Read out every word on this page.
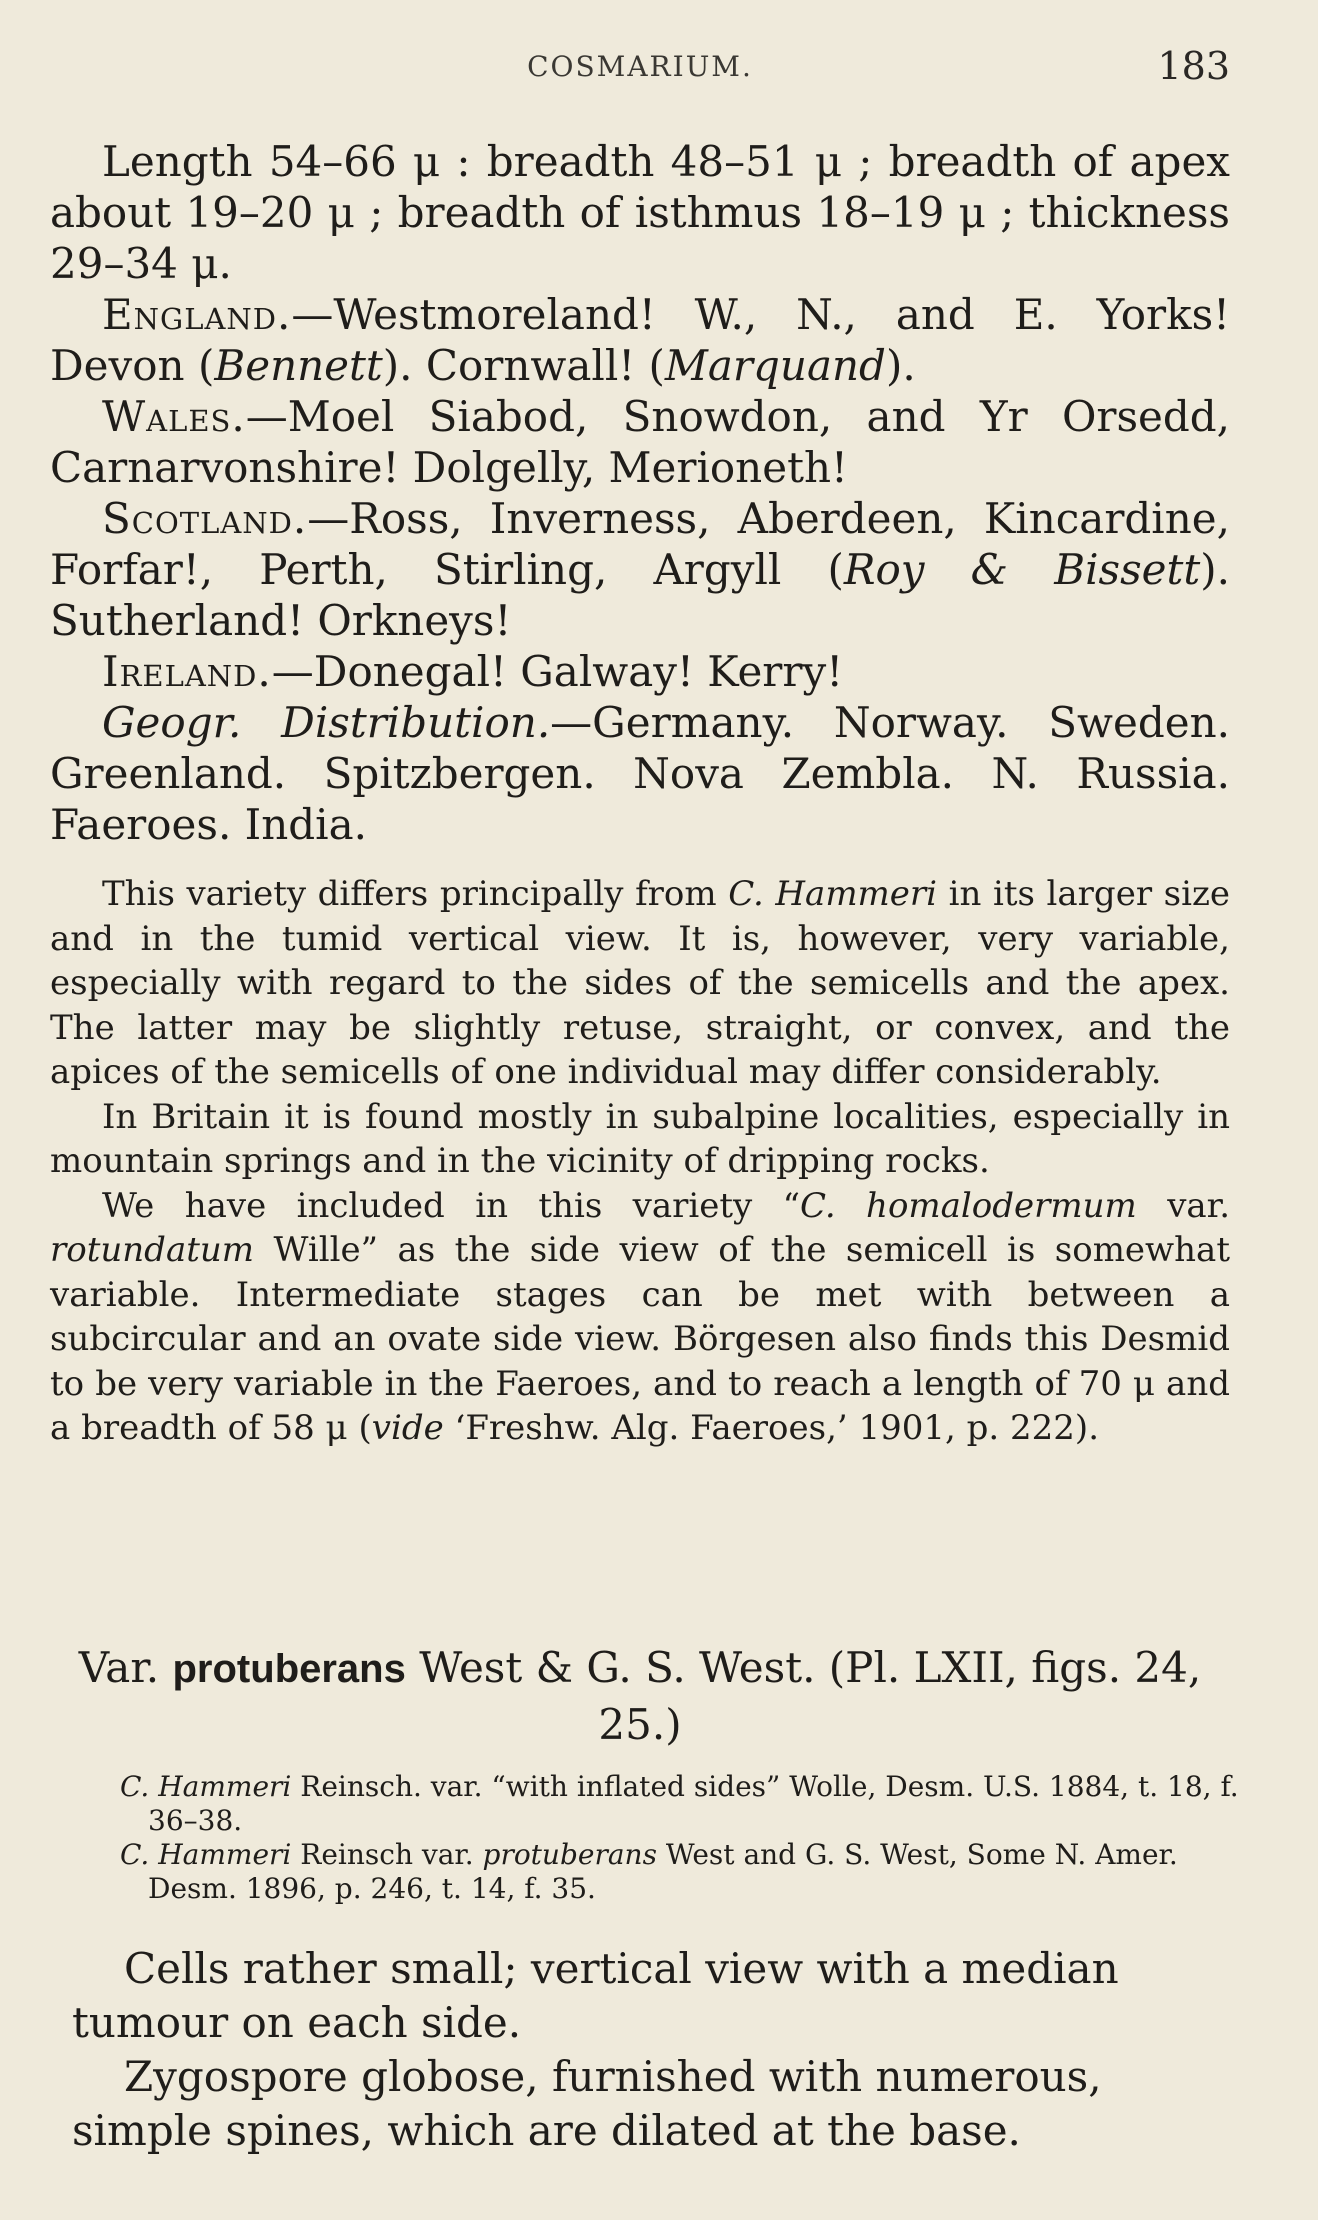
COSMARIUM.	183

Length 54–66 μ : breadth 48–51 μ ; breadth of apex about 19–20 μ ; breadth of isthmus 18–19 μ ; thickness 29–34 μ.

England.—Westmoreland! W., N., and E. Yorks! Devon (Bennett). Cornwall! (Marquand).

Wales.—Moel Siabod, Snowdon, and Yr Orsedd, Carnarvonshire! Dolgelly, Merioneth!

Scotland.—Ross, Inverness, Aberdeen, Kincardine, Forfar!, Perth, Stirling, Argyll (Roy & Bissett). Sutherland! Orkneys!

Ireland.—Donegal! Galway! Kerry!

Geogr. Distribution.—Germany. Norway. Sweden. Greenland. Spitzbergen. Nova Zembla. N. Russia. Faeroes. India.

This variety differs principally from C. Hammeri in its larger size and in the tumid vertical view. It is, however, very variable, especially with regard to the sides of the semicells and the apex. The latter may be slightly retuse, straight, or convex, and the apices of the semicells of one individual may differ considerably.

In Britain it is found mostly in subalpine localities, especially in mountain springs and in the vicinity of dripping rocks.

We have included in this variety “C. homalodermum var. rotundatum Wille” as the side view of the semicell is somewhat variable. Intermediate stages can be met with between a subcircular and an ovate side view. Börgesen also finds this Desmid to be very variable in the Faeroes, and to reach a length of 70 μ and a breadth of 58 μ (vide ‘Freshw. Alg. Faeroes,’ 1901, p. 222).

Var. protuberans West & G. S. West. (Pl. LXII, figs. 24, 25.)

C. Hammeri Reinsch. var. “with inflated sides” Wolle, Desm. U.S. 1884, t. 18, f. 36–38.

C. Hammeri Reinsch var. protuberans West and G. S. West, Some N. Amer. Desm. 1896, p. 246, t. 14, f. 35.

Cells rather small; vertical view with a median tumour on each side.

Zygospore globose, furnished with numerous, simple spines, which are dilated at the base.
